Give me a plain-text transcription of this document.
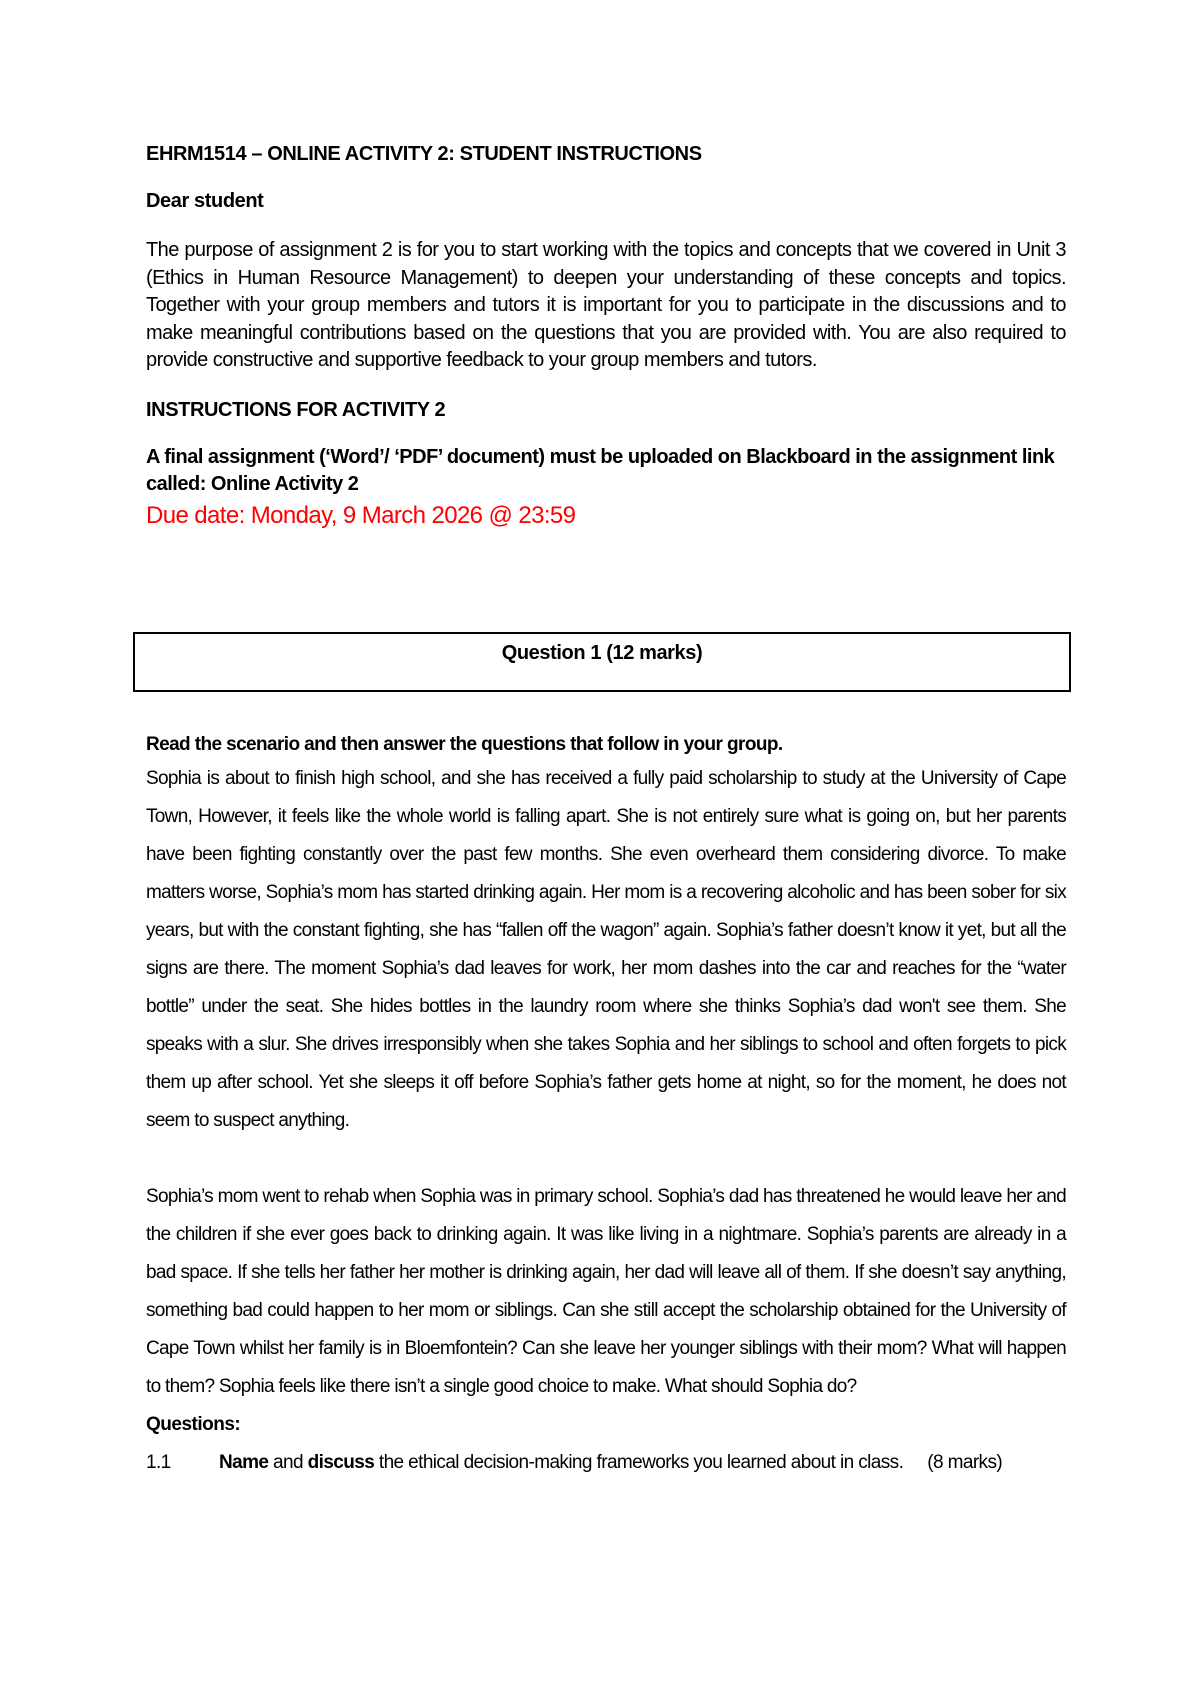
EHRM1514 – ONLINE ACTIVITY 2: STUDENT INSTRUCTIONS

Dear student

The purpose of assignment 2 is for you to start working with the topics and concepts that we covered in Unit 3 (Ethics in Human Resource Management) to deepen your understanding of these concepts and topics. Together with your group members and tutors it is important for you to participate in the discussions and to make meaningful contributions based on the questions that you are provided with. You are also required to provide constructive and supportive feedback to your group members and tutors.

INSTRUCTIONS FOR ACTIVITY 2

A final assignment (‘Word’/ ‘PDF’ document) must be uploaded on Blackboard in the assignment link called: Online Activity 2

Due date: Monday, 9 March 2026 @ 23:59

Question 1 (12 marks)

Read the scenario and then answer the questions that follow in your group.

Sophia is about to finish high school, and she has received a fully paid scholarship to study at the University of Cape Town, However, it feels like the whole world is falling apart. She is not entirely sure what is going on, but her parents have been fighting constantly over the past few months. She even overheard them considering divorce. To make matters worse, Sophia’s mom has started drinking again. Her mom is a recovering alcoholic and has been sober for six years, but with the constant fighting, she has “fallen off the wagon” again. Sophia’s father doesn’t know it yet, but all the signs are there. The moment Sophia’s dad leaves for work, her mom dashes into the car and reaches for the “water bottle” under the seat. She hides bottles in the laundry room where she thinks Sophia’s dad won't see them. She speaks with a slur. She drives irresponsibly when she takes Sophia and her siblings to school and often forgets to pick them up after school. Yet she sleeps it off before Sophia’s father gets home at night, so for the moment, he does not seem to suspect anything.

Sophia’s mom went to rehab when Sophia was in primary school. Sophia’s dad has threatened he would leave her and the children if she ever goes back to drinking again. It was like living in a nightmare. Sophia’s parents are already in a bad space. If she tells her father her mother is drinking again, her dad will leave all of them. If she doesn’t say anything, something bad could happen to her mom or siblings. Can she still accept the scholarship obtained for the University of Cape Town whilst her family is in Bloemfontein? Can she leave her younger siblings with their mom? What will happen to them? Sophia feels like there isn’t a single good choice to make. What should Sophia do?

Questions:

1.1	Name and discuss the ethical decision-making frameworks you learned about in class. (8 marks)
